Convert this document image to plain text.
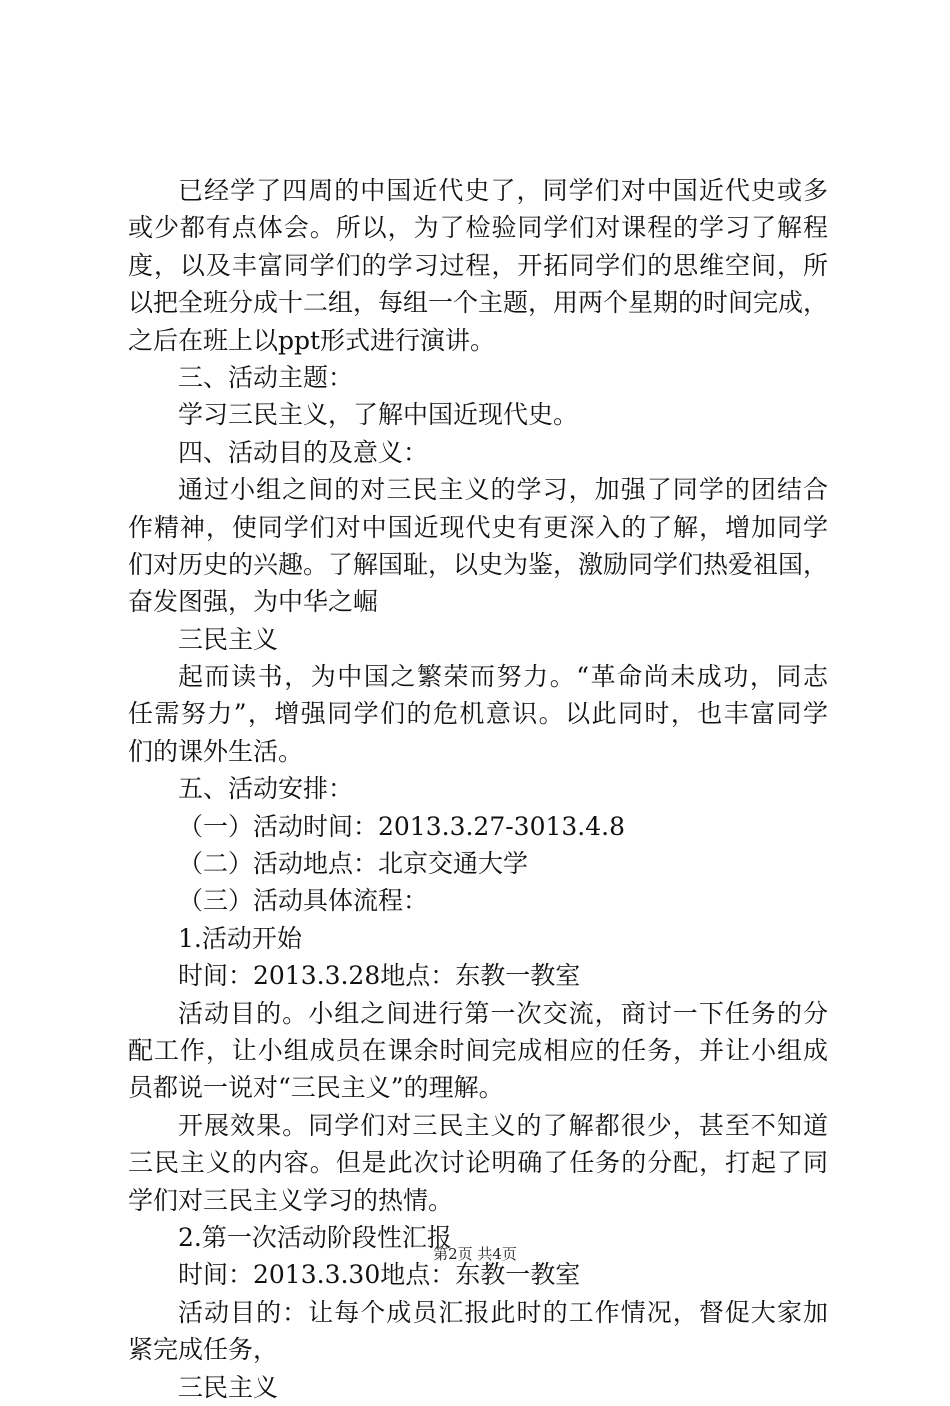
已经学了四周的中国近代史了，同学们对中国近代史或多
或少都有点体会。所以，为了检验同学们对课程的学习了解程
度，以及丰富同学们的学习过程，开拓同学们的思维空间，所
以把全班分成十二组，每组一个主题，用两个星期的时间完成，
之后在班上以ppt形式进行演讲。
三、活动主题：
学习三民主义，了解中国近现代史。
四、活动目的及意义：
通过小组之间的对三民主义的学习，加强了同学的团结合
作精神，使同学们对中国近现代史有更深入的了解，增加同学
们对历史的兴趣。了解国耻，以史为鉴，激励同学们热爱祖国，
奋发图强，为中华之崛
三民主义
起而读书，为中国之繁荣而努力。“革命尚未成功，同志
任需努力”，增强同学们的危机意识。以此同时，也丰富同学
们的课外生活。
五、活动安排：
（一）活动时间：2013.3.27-3013.4.8
（二）活动地点：北京交通大学
（三）活动具体流程：
1.活动开始
时间：2013.3.28地点：东教一教室
活动目的。小组之间进行第一次交流，商讨一下任务的分
配工作，让小组成员在课余时间完成相应的任务，并让小组成
员都说一说对“三民主义”的理解。
开展效果。同学们对三民主义的了解都很少，甚至不知道
三民主义的内容。但是此次讨论明确了任务的分配，打起了同
学们对三民主义学习的热情。
2.第一次活动阶段性汇报
时间：2013.3.30地点：东教一教室
活动目的：让每个成员汇报此时的工作情况，督促大家加
紧完成任务，
三民主义
第2页 共4页
